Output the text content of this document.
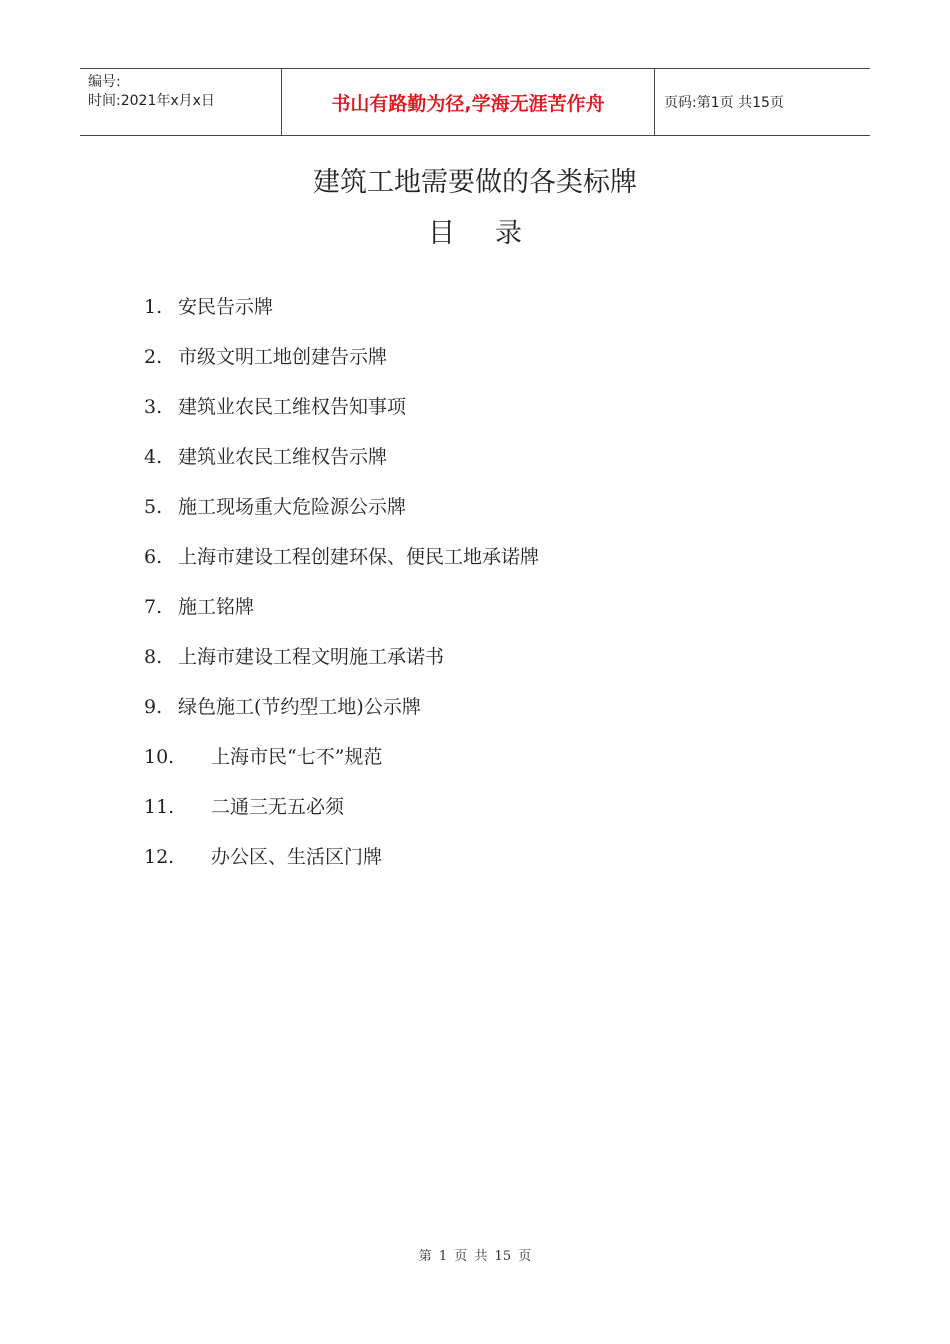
编号:
时间:2021年x月x日	书山有路勤为径,学海无涯苦作舟	页码:第1页 共15页
建筑工地需要做的各类标牌
目录
1. 安民告示牌
2. 市级文明工地创建告示牌
3. 建筑业农民工维权告知事项
4. 建筑业农民工维权告示牌
5. 施工现场重大危险源公示牌
6. 上海市建设工程创建环保、便民工地承诺牌
7. 施工铭牌
8. 上海市建设工程文明施工承诺书
9. 绿色施工(节约型工地)公示牌
10.	上海市民“七不”规范
11.	二通三无五必须
12.	办公区、生活区门牌
第 1 页 共 15 页
